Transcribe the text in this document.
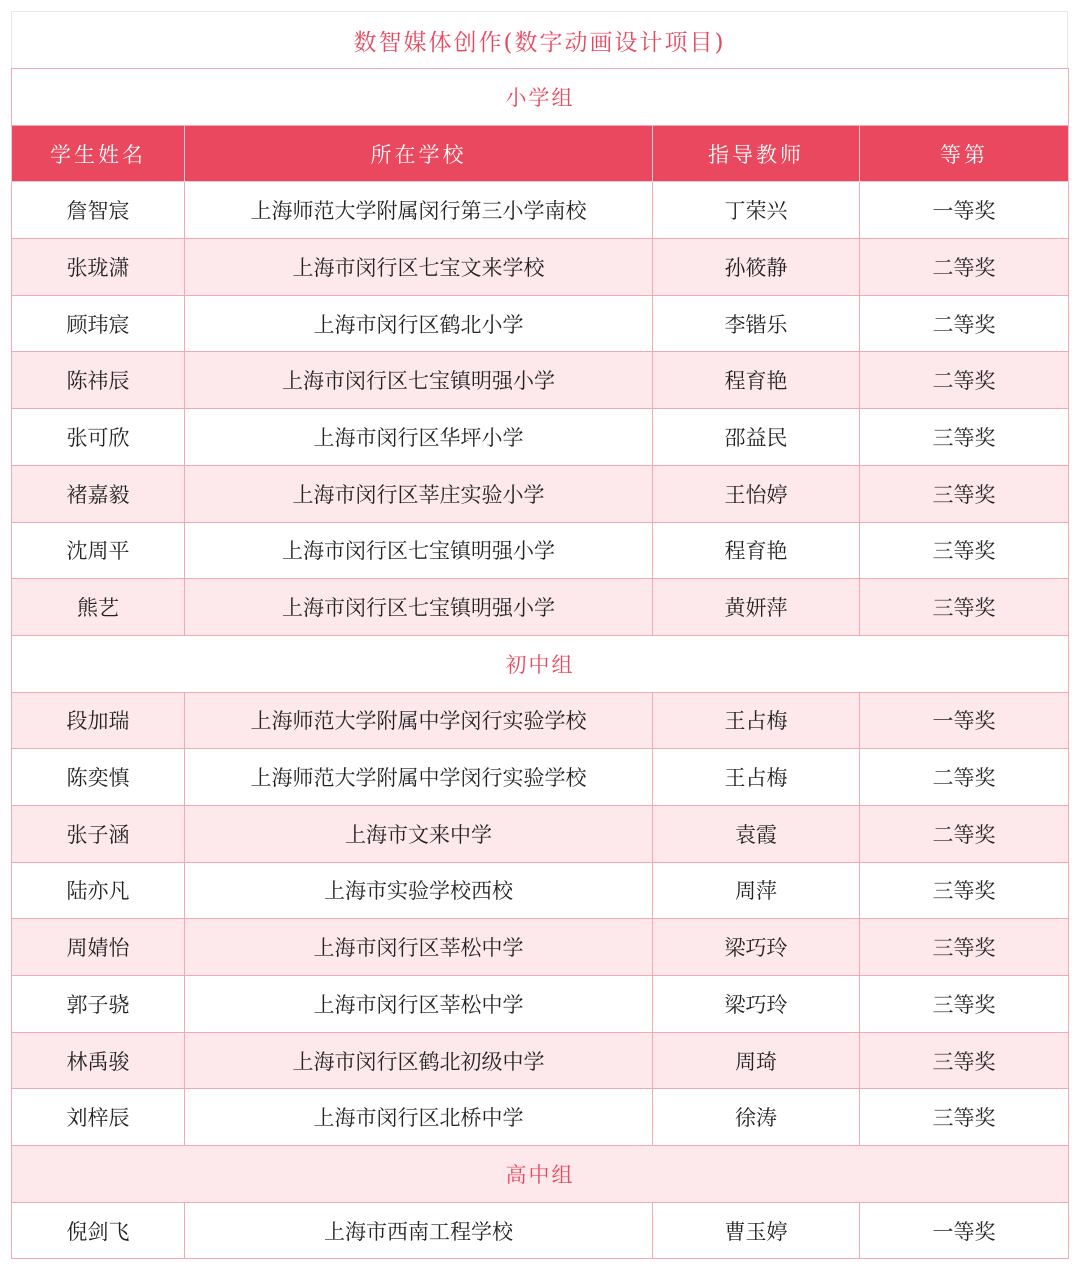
数智媒体创作(数字动画设计项目)
小学组			
学生姓名	所在学校	指导教师	等第
詹智宸	上海师范大学附属闵行第三小学南校	丁荣兴	一等奖
张珑潇	上海市闵行区七宝文来学校	孙筱静	二等奖
顾玮宸	上海市闵行区鹤北小学	李锴乐	二等奖
陈祎辰	上海市闵行区七宝镇明强小学	程育艳	二等奖
张可欣	上海市闵行区华坪小学	邵益民	三等奖
褚嘉毅	上海市闵行区莘庄实验小学	王怡婷	三等奖
沈周平	上海市闵行区七宝镇明强小学	程育艳	三等奖
熊艺	上海市闵行区七宝镇明强小学	黄妍萍	三等奖
初中组			
段加瑞	上海师范大学附属中学闵行实验学校	王占梅	一等奖
陈奕慎	上海师范大学附属中学闵行实验学校	王占梅	二等奖
张子涵	上海市文来中学	袁霞	二等奖
陆亦凡	上海市实验学校西校	周萍	三等奖
周婧怡	上海市闵行区莘松中学	梁巧玲	三等奖
郭子骁	上海市闵行区莘松中学	梁巧玲	三等奖
林禹骏	上海市闵行区鹤北初级中学	周琦	三等奖
刘梓辰	上海市闵行区北桥中学	徐涛	三等奖
高中组			
倪剑飞	上海市西南工程学校	曹玉婷	一等奖
